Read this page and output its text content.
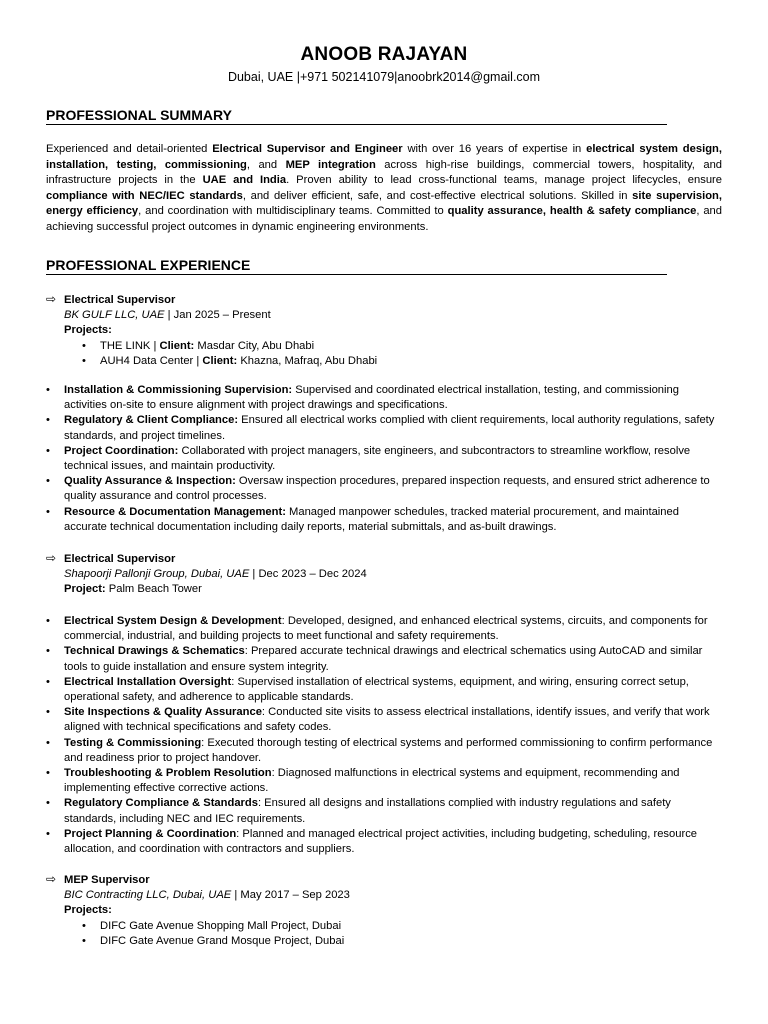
ANOOB RAJAYAN
Dubai, UAE |+971 502141079|anoobrk2014@gmail.com
PROFESSIONAL SUMMARY
Experienced and detail-oriented Electrical Supervisor and Engineer with over 16 years of expertise in electrical system design, installation, testing, commissioning, and MEP integration across high-rise buildings, commercial towers, hospitality, and infrastructure projects in the UAE and India. Proven ability to lead cross-functional teams, manage project lifecycles, ensure compliance with NEC/IEC standards, and deliver efficient, safe, and cost-effective electrical solutions. Skilled in site supervision, energy efficiency, and coordination with multidisciplinary teams. Committed to quality assurance, health & safety compliance, and achieving successful project outcomes in dynamic engineering environments.
PROFESSIONAL EXPERIENCE
⇨ Electrical Supervisor
BK GULF LLC, UAE | Jan 2025 – Present
Projects:
• THE LINK | Client: Masdar City, Abu Dhabi
• AUH4 Data Center | Client: Khazna, Mafraq, Abu Dhabi
• Installation & Commissioning Supervision: Supervised and coordinated electrical installation, testing, and commissioning activities on-site to ensure alignment with project drawings and specifications.
• Regulatory & Client Compliance: Ensured all electrical works complied with client requirements, local authority regulations, safety standards, and project timelines.
• Project Coordination: Collaborated with project managers, site engineers, and subcontractors to streamline workflow, resolve technical issues, and maintain productivity.
• Quality Assurance & Inspection: Oversaw inspection procedures, prepared inspection requests, and ensured strict adherence to quality assurance and control processes.
• Resource & Documentation Management: Managed manpower schedules, tracked material procurement, and maintained accurate technical documentation including daily reports, material submittals, and as-built drawings.
⇨ Electrical Supervisor
Shapoorji Pallonji Group, Dubai, UAE | Dec 2023 – Dec 2024
Project: Palm Beach Tower
• Electrical System Design & Development: Developed, designed, and enhanced electrical systems, circuits, and components for commercial, industrial, and building projects to meet functional and safety requirements.
• Technical Drawings & Schematics: Prepared accurate technical drawings and electrical schematics using AutoCAD and similar tools to guide installation and ensure system integrity.
• Electrical Installation Oversight: Supervised installation of electrical systems, equipment, and wiring, ensuring correct setup, operational safety, and adherence to applicable standards.
• Site Inspections & Quality Assurance: Conducted site visits to assess electrical installations, identify issues, and verify that work aligned with technical specifications and safety codes.
• Testing & Commissioning: Executed thorough testing of electrical systems and performed commissioning to confirm performance and readiness prior to project handover.
• Troubleshooting & Problem Resolution: Diagnosed malfunctions in electrical systems and equipment, recommending and implementing effective corrective actions.
• Regulatory Compliance & Standards: Ensured all designs and installations complied with industry regulations and safety standards, including NEC and IEC requirements.
• Project Planning & Coordination: Planned and managed electrical project activities, including budgeting, scheduling, resource allocation, and coordination with contractors and suppliers.
⇨ MEP Supervisor
BIC Contracting LLC, Dubai, UAE | May 2017 – Sep 2023
Projects:
• DIFC Gate Avenue Shopping Mall Project, Dubai
• DIFC Gate Avenue Grand Mosque Project, Dubai
